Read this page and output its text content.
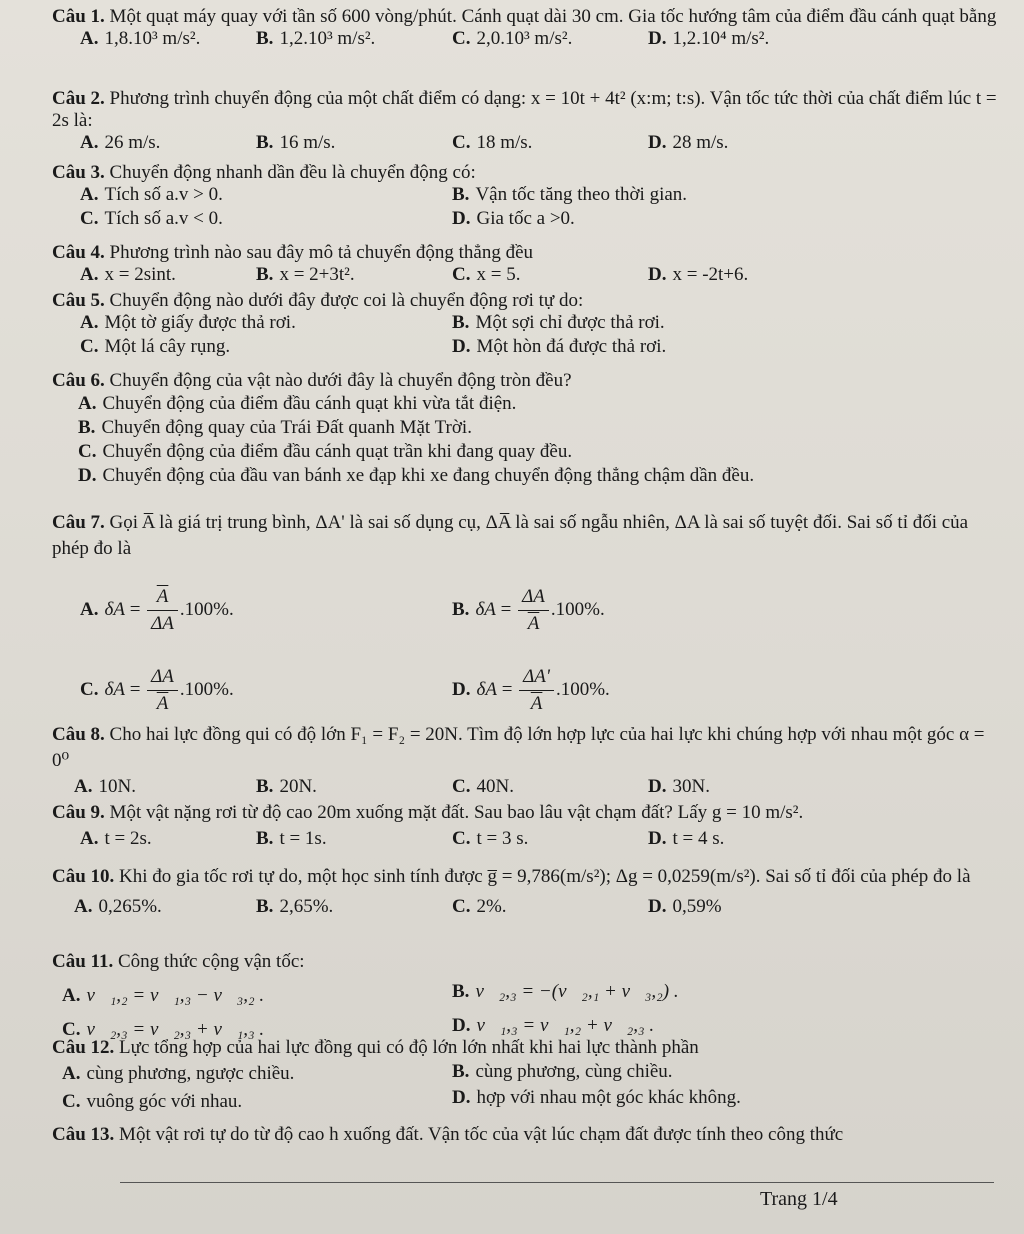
Câu 1. Một quạt máy quay với tần số 600 vòng/phút. Cánh quạt dài 30 cm. Gia tốc hướng tâm của điểm đầu cánh quạt bằng
A. 1,8.10³ m/s².	B. 1,2.10³ m/s².	C. 2,0.10³ m/s².	D. 1,2.10⁴ m/s².
Câu 2. Phương trình chuyển động của một chất điểm có dạng: x = 10t + 4t² (x:m; t:s). Vận tốc tức thời của chất điểm lúc t = 2s là:
A. 26 m/s.	B. 16 m/s.	C. 18 m/s.	D. 28 m/s.
Câu 3. Chuyển động nhanh dần đều là chuyển động có:
A. Tích số a.v > 0.	B. Vận tốc tăng theo thời gian.
C. Tích số a.v < 0.	D. Gia tốc a >0.
Câu 4. Phương trình nào sau đây mô tả chuyển động thẳng đều
A. x = 2sint.	B. x = 2+3t².	C. x = 5.	D. x = -2t+6.
Câu 5. Chuyển động nào dưới đây được coi là chuyển động rơi tự do:
A. Một tờ giấy được thả rơi.	B. Một sợi chỉ được thả rơi.
C. Một lá cây rụng.	D. Một hòn đá được thả rơi.
Câu 6. Chuyển động của vật nào dưới đây là chuyển động tròn đều?
A. Chuyển động của điểm đầu cánh quạt khi vừa tắt điện.
B. Chuyển động quay của Trái Đất quanh Mặt Trời.
C. Chuyển động của điểm đầu cánh quạt trần khi đang quay đều.
D. Chuyển động của đầu van bánh xe đạp khi xe đang chuyển động thẳng chậm dần đều.
Câu 7. Gọi A̅ là giá trị trung bình, ΔA' là sai số dụng cụ, ΔA̅ là sai số ngẫu nhiên, ΔA là sai số tuyệt đối. Sai số tỉ đối của phép đo là
A. $\delta A = \frac{\overline{A}}{\Delta A} .100\%$.	B. $\delta A = \frac{\Delta A}{A} .100\%$.
C. $\delta A = \frac{\Delta A}{A} .100\%$.	D. $\delta A = \frac{\Delta A'}{A} .100\%$.
Câu 8. Cho hai lực đồng qui có độ lớn F₁ = F₂ = 20N. Tìm độ lớn hợp lực của hai lực khi chúng hợp với nhau một góc α = 0⁰
A. 10N.	B. 20N.	C. 40N.	D. 30N.
Câu 9. Một vật nặng rơi từ độ cao 20m xuống mặt đất. Sau bao lâu vật chạm đất? Lấy g = 10 m/s².
A. t = 2s.	B. t = 1s.	C. t = 3 s.	D. t = 4 s.
Câu 10. Khi đo gia tốc rơi tự do, một học sinh tính được g̅ = 9,786(m/s²); Δg = 0,0259(m/s²). Sai số tỉ đối của phép đo là
A. 0,265%.	B. 2,65%.	C. 2%.	D. 0,59%
Câu 11. Công thức cộng vận tốc:
A. v⃗₁,₂ = v⃗₁,₃ − v⃗₃,₂ .	B. v⃗₂,₃ = −(v⃗₂,₁ + v⃗₃,₂) .
C. v⃗₂,₃ = v⃗₂,₃ + v⃗₁,₃ .	D. v⃗₁,₃ = v⃗₁,₂ + v⃗₂,₃ .
Câu 12. Lực tổng hợp của hai lực đồng qui có độ lớn lớn nhất khi hai lực thành phần
A. cùng phương, ngược chiều.	B. cùng phương, cùng chiều.
C. vuông góc với nhau.	D. hợp với nhau một góc khác không.
Câu 13. Một vật rơi tự do từ độ cao h xuống đất. Vận tốc của vật lúc chạm đất được tính theo công thức
Trang 1/4
